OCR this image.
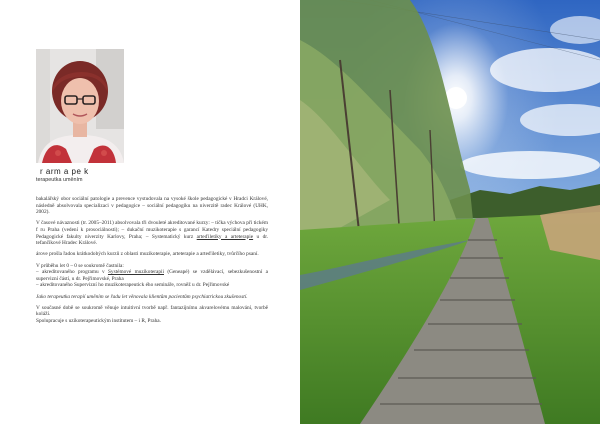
r arm a pe k
terapeutka uměním

bakalářský obor sociální patologie a prevence vystudovala na vysoké škole pedagogické v Hradci Králové, následně absolvovala specializaci v pedagogice – sociální pedagogiku na niverzitě radec Králové (UHK, 2002).

V časové návaznosti (tr. 2005–2011) absolvovala tři dvouleté akreditované kurzy: – tička výchova při tickém f ru Praha (vedení k prosociálnosti); – dukační muzikoterapie s garancí Katedry speciální pedagogiky Pedagogické fakulty niverzity Karlovy, Praha; – Systematický kurz arteďiletiky a arteterapie u dr. tefančíkové Hradec Králové.

árove prošla řadou krátkodobých kurzů z oblasti muzikoterapie, arteterapie a arteďiletiky, tvůrčího psaní.

V průběhu let 0 – 0 se soukromě častnila:
– akreditovaného programu v Systémové muzikoterapii (Geneapé) se vzdělávací, sebezkušenostní a supervizní částí, u dr. Pejřimovské, Praha
– akreditovaného Supervizní ho muzikoterapeutick ého semináře, rovněž u dr. Pejřimovské

Jako terapeutka terapií uměním se řadu let věnovala klientům pacientům psychiatrickou zkušeností.

V současné době se soukromě věnuje intuitivní tvorbě např. fantazijnímu akvarelovému malování, tvorbě koláží.
Spolupracuje s uzikoterapeutickým institutem – i R, Praha.
